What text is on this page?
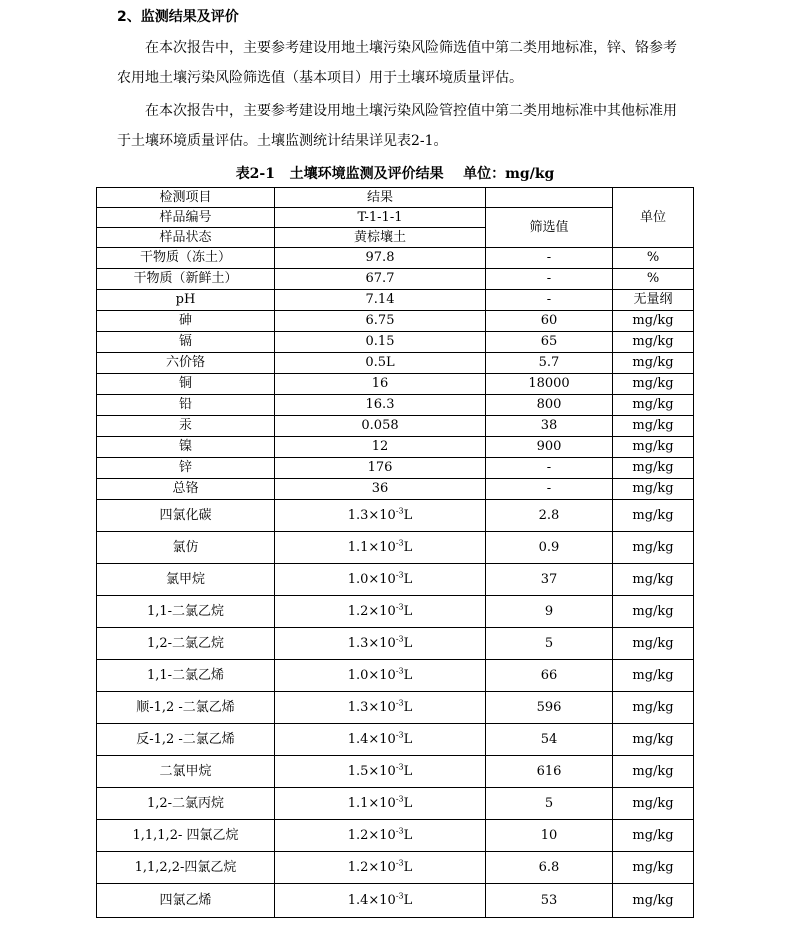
2、监测结果及评价

在本次报告中，主要参考建设用地土壤污染风险筛选值中第二类用地标准，锌、铬参考农用地土壤污染风险筛选值（基本项目）用于土壤环境质量评估。

在本次报告中，主要参考建设用地土壤污染风险管控值中第二类用地标准中其他标准用于土壤环境质量评估。土壤监测统计结果详见表2-1。

表2-1   土壤环境监测及评价结果    单位：mg/kg
检测项目	结果		单位
样品编号	T-1-1-1	筛选值	
样品状态	黄棕壤土		
干物质（冻土）	97.8	-	%
干物质（新鲜土）	67.7	-	%
pH	7.14	-	无量纲
砷	6.75	60	mg/kg
镉	0.15	65	mg/kg
六价铬	0.5L	5.7	mg/kg
铜	16	18000	mg/kg
铅	16.3	800	mg/kg
汞	0.058	38	mg/kg
镍	12	900	mg/kg
锌	176	-	mg/kg
总铬	36	-	mg/kg
四氯化碳	$1.3\times 10^{-3}L$	2.8	mg/kg
氯仿	$1.1\times 10^{-3}L$	0.9	mg/kg
氯甲烷	$1.0\times 10^{-3}L$	37	mg/kg
1,1-二氯乙烷	$1.2\times 10^{-3}L$	9	mg/kg
1,2-二氯乙烷	$1.3\times 10^{-3}L$	5	mg/kg
1,1-二氯乙烯	$1.0\times 10^{-3}L$	66	mg/kg
顺-1,2 -二氯乙烯	$1.3\times 10^{-3}L$	596	mg/kg
反-1,2 -二氯乙烯	$1.4\times 10^{-3}L$	54	mg/kg
二氯甲烷	$1.5\times 10^{-3}L$	616	mg/kg
1,2-二氯丙烷	$1.1\times 10^{-3}L$	5	mg/kg
1,1,1,2- 四氯乙烷	$1.2\times 10^{-3}L$	10	mg/kg
1,1,2,2-四氯乙烷	$1.2\times 10^{-3}L$	6.8	mg/kg
四氯乙烯	$1.4\times 10^{-3}L$	53	mg/kg
